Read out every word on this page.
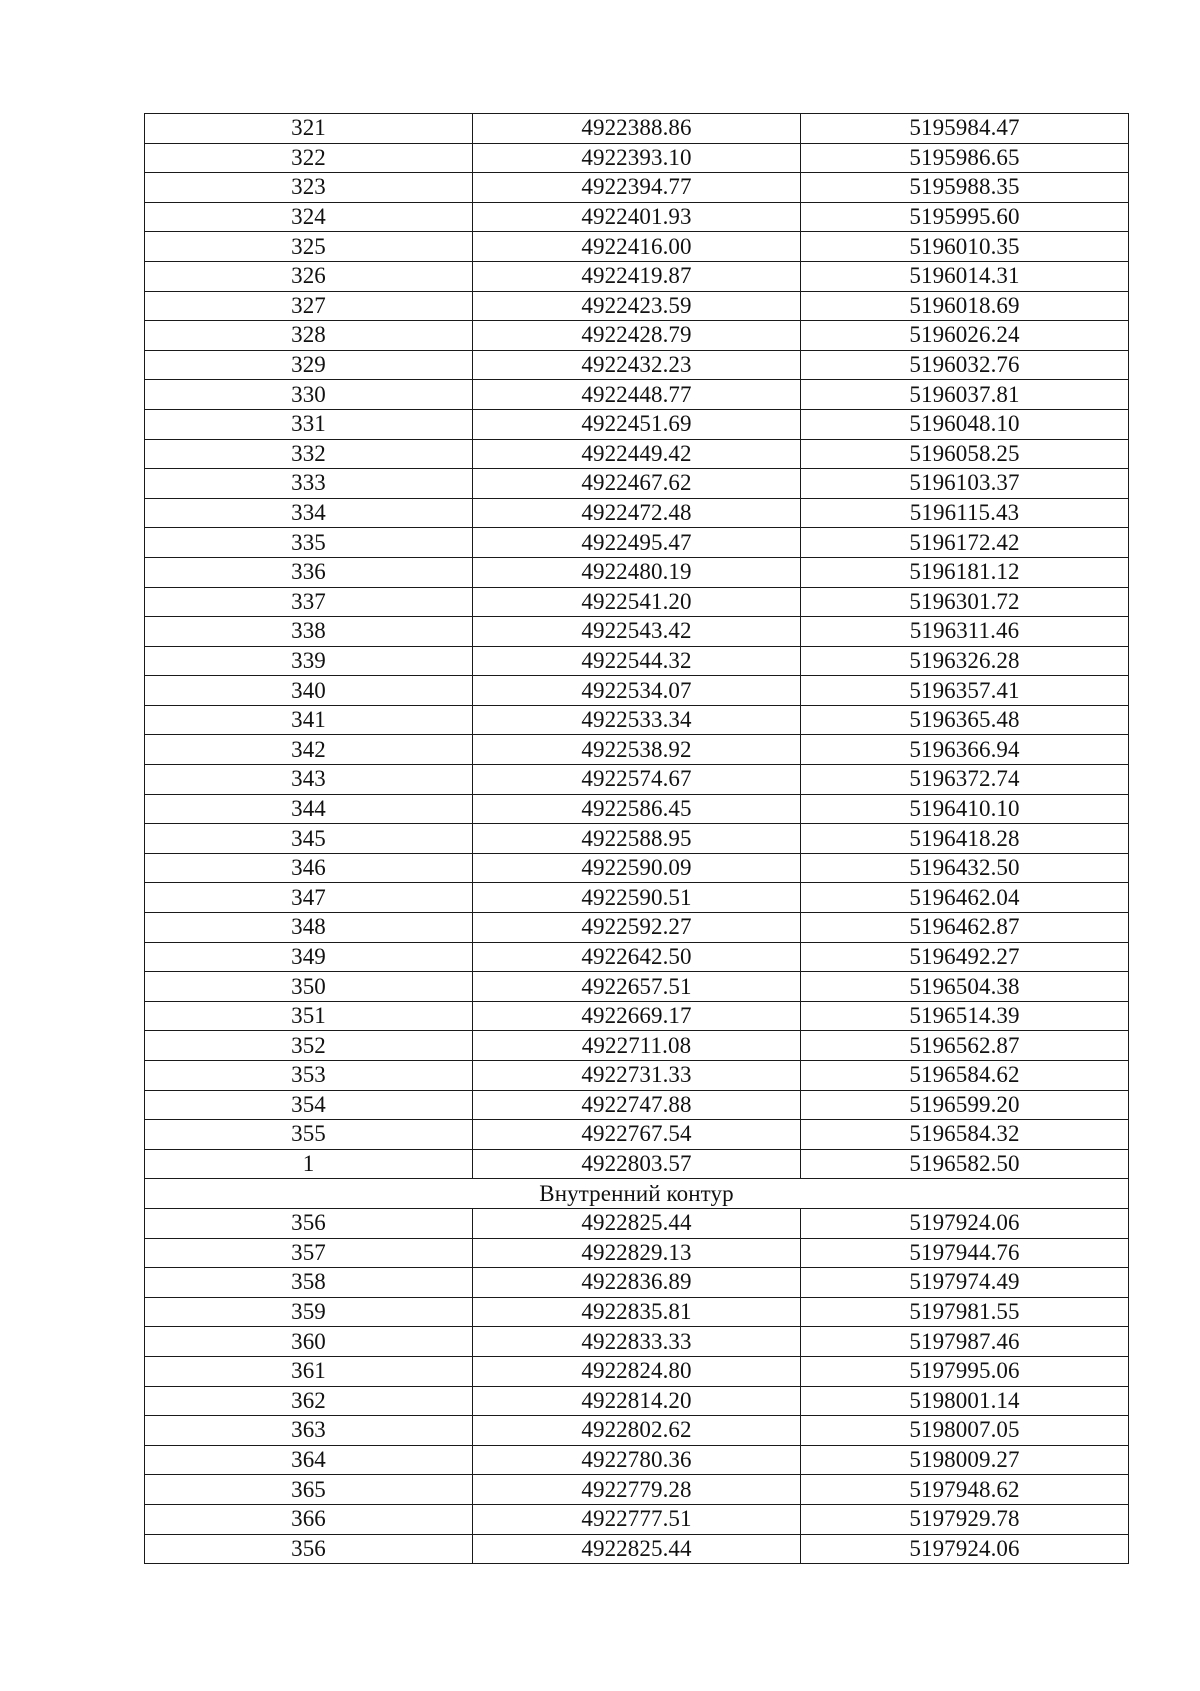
321	4922388.86	5195984.47
322	4922393.10	5195986.65
323	4922394.77	5195988.35
324	4922401.93	5195995.60
325	4922416.00	5196010.35
326	4922419.87	5196014.31
327	4922423.59	5196018.69
328	4922428.79	5196026.24
329	4922432.23	5196032.76
330	4922448.77	5196037.81
331	4922451.69	5196048.10
332	4922449.42	5196058.25
333	4922467.62	5196103.37
334	4922472.48	5196115.43
335	4922495.47	5196172.42
336	4922480.19	5196181.12
337	4922541.20	5196301.72
338	4922543.42	5196311.46
339	4922544.32	5196326.28
340	4922534.07	5196357.41
341	4922533.34	5196365.48
342	4922538.92	5196366.94
343	4922574.67	5196372.74
344	4922586.45	5196410.10
345	4922588.95	5196418.28
346	4922590.09	5196432.50
347	4922590.51	5196462.04
348	4922592.27	5196462.87
349	4922642.50	5196492.27
350	4922657.51	5196504.38
351	4922669.17	5196514.39
352	4922711.08	5196562.87
353	4922731.33	5196584.62
354	4922747.88	5196599.20
355	4922767.54	5196584.32
1	4922803.57	5196582.50
Внутренний контур		
356	4922825.44	5197924.06
357	4922829.13	5197944.76
358	4922836.89	5197974.49
359	4922835.81	5197981.55
360	4922833.33	5197987.46
361	4922824.80	5197995.06
362	4922814.20	5198001.14
363	4922802.62	5198007.05
364	4922780.36	5198009.27
365	4922779.28	5197948.62
366	4922777.51	5197929.78
356	4922825.44	5197924.06
